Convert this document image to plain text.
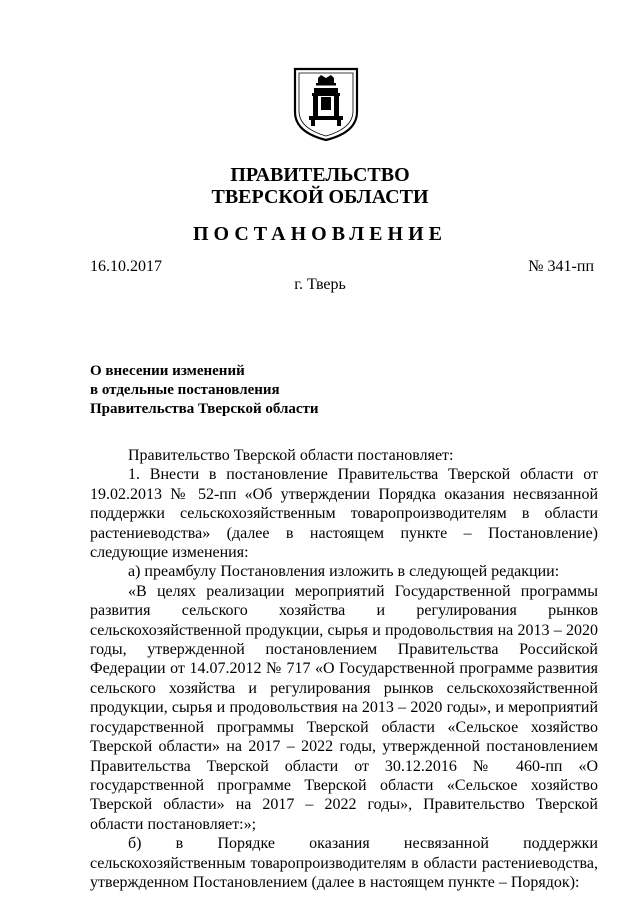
ПРАВИТЕЛЬСТВО
ТВЕРСКОЙ ОБЛАСТИ
ПОСТАНОВЛЕНИЕ
16.10.2017	№ 341-пп
г. Тверь
О внесении изменений
в отдельные постановления
Правительства Тверской области

Правительство Тверской области постановляет:

1. Внести в постановление Правительства Тверской области от 19.02.2013 № 52-пп «Об утверждении Порядка оказания несвязанной поддержки сельскохозяйственным товаропроизводителям в области растениеводства» (далее в настоящем пункте – Постановление) следующие изменения:

а) преамбулу Постановления изложить в следующей редакции:

«В целях реализации мероприятий Государственной программы развития сельского хозяйства и регулирования рынков сельскохозяйственной продукции, сырья и продовольствия на 2013 – 2020 годы, утвержденной постановлением Правительства Российской Федерации от 14.07.2012 № 717 «О Государственной программе развития сельского хозяйства и регулирования рынков сельскохозяйственной продукции, сырья и продовольствия на 2013 – 2020 годы», и мероприятий государственной программы Тверской области «Сельское хозяйство Тверской области» на 2017 – 2022 годы, утвержденной постановлением Правительства Тверской области от 30.12.2016 № 460-пп «О государственной программе Тверской области «Сельское хозяйство Тверской области» на 2017 – 2022 годы», Правительство Тверской области постановляет:»;

б) в Порядке оказания несвязанной поддержки сельскохозяйственным товаропроизводителям в области растениеводства, утвержденном Постановлением (далее в настоящем пункте – Порядок):
